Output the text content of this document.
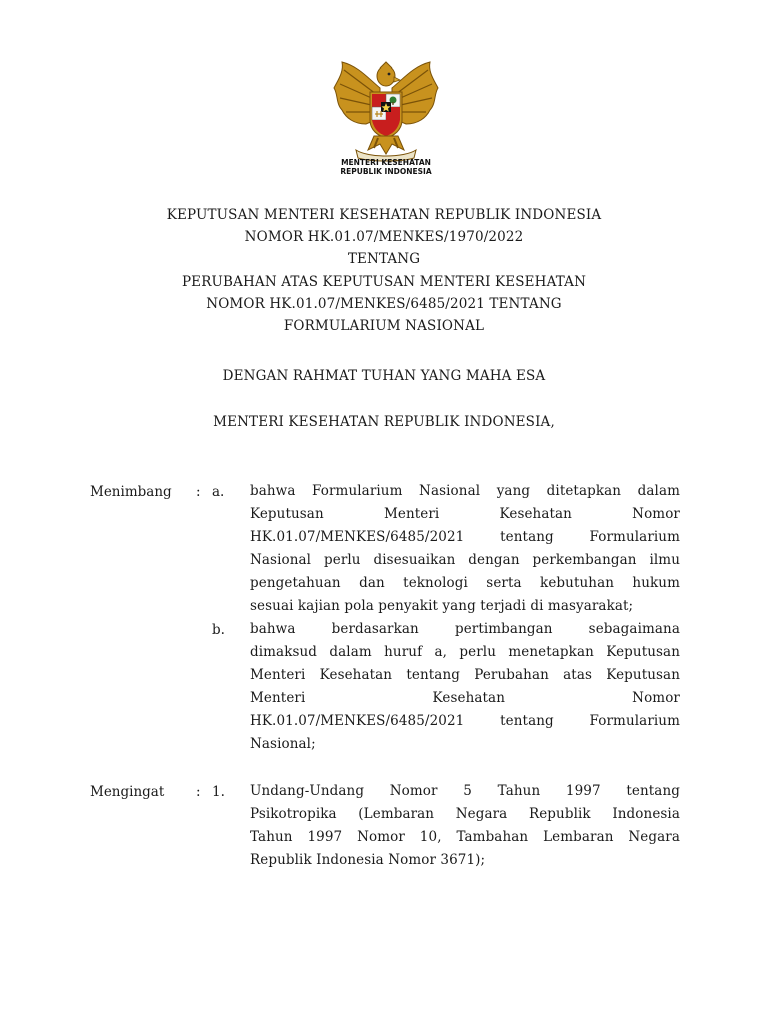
MENTERI KESEHATAN
REPUBLIK INDONESIA
KEPUTUSAN MENTERI KESEHATAN REPUBLIK INDONESIA
NOMOR HK.01.07/MENKES/1970/2022
TENTANG
PERUBAHAN ATAS KEPUTUSAN MENTERI KESEHATAN
NOMOR HK.01.07/MENKES/6485/2021 TENTANG
FORMULARIUM NASIONAL
DENGAN RAHMAT TUHAN YANG MAHA ESA
MENTERI KESEHATAN REPUBLIK INDONESIA,
Menimbang : a. bahwa Formularium Nasional yang ditetapkan dalam
Keputusan Menteri Kesehatan Nomor
HK.01.07/MENKES/6485/2021 tentang Formularium
Nasional perlu disesuaikan dengan perkembangan ilmu
pengetahuan dan teknologi serta kebutuhan hukum
sesuai kajian pola penyakit yang terjadi di masyarakat;
b. bahwa berdasarkan pertimbangan sebagaimana
dimaksud dalam huruf a, perlu menetapkan Keputusan
Menteri Kesehatan tentang Perubahan atas Keputusan
Menteri Kesehatan Nomor
HK.01.07/MENKES/6485/2021 tentang Formularium
Nasional;
Mengingat : 1. Undang-Undang Nomor 5 Tahun 1997 tentang
Psikotropika (Lembaran Negara Republik Indonesia
Tahun 1997 Nomor 10, Tambahan Lembaran Negara
Republik Indonesia Nomor 3671);
